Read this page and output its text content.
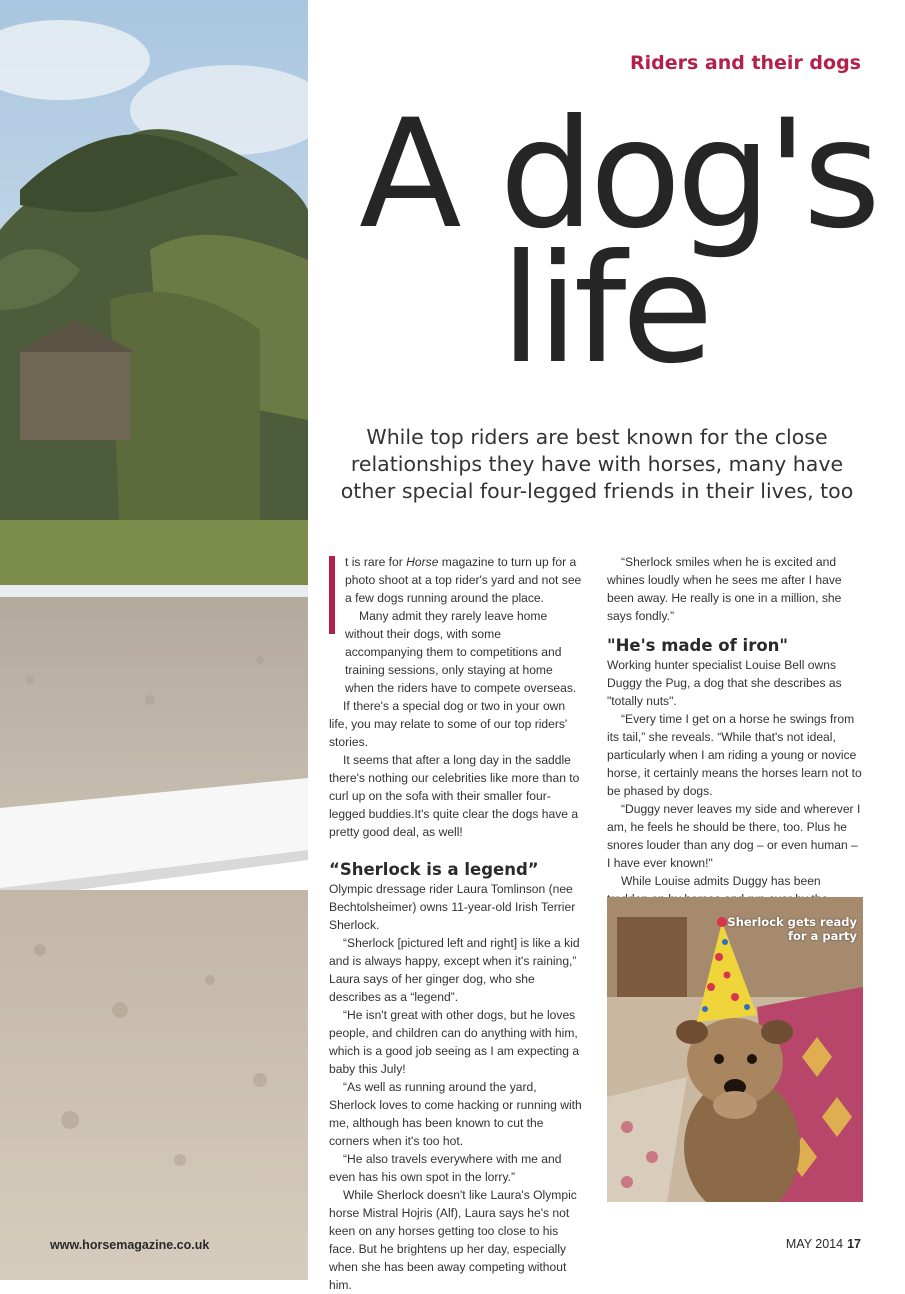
Riders and their dogs
A dog's
life
While top riders are best known for the close relationships they have with horses, many have other special four-legged friends in their lives, too

t is rare for Horse magazine to turn up for a photo shoot at a top rider's yard and not see a few dogs running around the place.

Many admit they rarely leave home without their dogs, with some accompanying them to competitions and training sessions, only staying at home when the riders have to compete overseas.

If there's a special dog or two in your own life, you may relate to some of our top riders' stories.

It seems that after a long day in the saddle there's nothing our celebrities like more than to curl up on the sofa with their smaller four-legged buddies.It's quite clear the dogs have a pretty good deal, as well!

“Sherlock is a legend”

Olympic dressage rider Laura Tomlinson (nee Bechtolsheimer) owns 11-year-old Irish Terrier Sherlock.

“Sherlock [pictured left and right] is like a kid and is always happy, except when it's raining,” Laura says of her ginger dog, who she describes as a “legend”.

“He isn't great with other dogs, but he loves people, and children can do anything with him, which is a good job seeing as I am expecting a baby this July!

“As well as running around the yard, Sherlock loves to come hacking or running with me, although has been known to cut the corners when it's too hot.

“He also travels everywhere with me and even has his own spot in the lorry.”

While Sherlock doesn't like Laura's Olympic horse Mistral Hojris (Alf), Laura says he's not keen on any horses getting too close to his face. But he brightens up her day, especially when she has been away competing without him.

“Sherlock smiles when he is excited and whines loudly when he sees me after I have been away. He really is one in a million, she says fondly.”

"He's made of iron"

Working hunter specialist Louise Bell owns Duggy the Pug, a dog that she describes as "totally nuts".

“Every time I get on a horse he swings from its tail,” she reveals. “While that's not ideal, particularly when I am riding a young or novice horse, it certainly means the horses learn not to be phased by dogs.

“Duggy never leaves my side and wherever I am, he feels he should be there, too. Plus he snores louder than any dog – or even human – I have ever known!"

While Louise admits Duggy has been

Sherlock gets ready
for a party
www.horsemagazine.co.uk	MAY 2014 17
